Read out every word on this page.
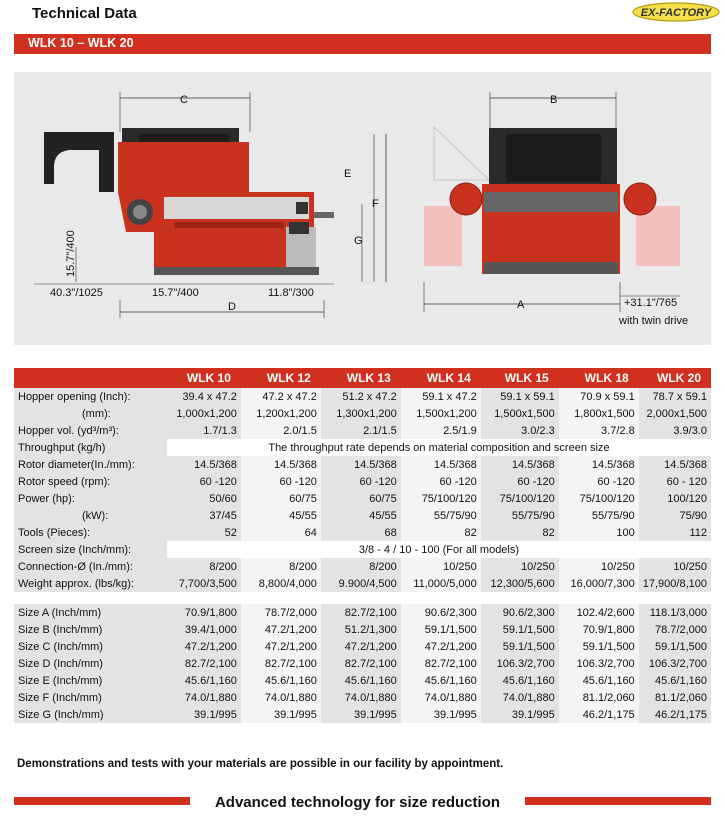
Technical Data	EX-FACTORY
WLK 10 – WLK 20
C
E
F
G
15.7"/400
40.3"/1025	15.7"/400	11.8"/300
D
B
A	+31.1"/765
with twin drive
	WLK 10	WLK 12	WLK 13	WLK 14	WLK 15	WLK 18	WLK 20
Hopper opening (Inch):	39.4 x 47.2	47.2 x 47.2	51.2 x 47.2	59.1 x 47.2	59.1 x 59.1	70.9 x 59.1	78.7 x 59.1
(mm):	1,000x1,200	1,200x1,200	1,300x1,200	1,500x1,200	1,500x1,500	1,800x1,500	2,000x1,500
Hopper vol. (yd³/m³):	1.7/1.3	2.0/1.5	2.1/1.5	2.5/1.9	3.0/2.3	3.7/2.8	3.9/3.0
Throughput (kg/h)	The throughput rate depends on material composition and screen size						
Rotor diameter(In./mm):	14.5/368	14.5/368	14.5/368	14.5/368	14.5/368	14.5/368	14.5/368
Rotor speed (rpm):	60 -120	60 -120	60 -120	60 -120	60 -120	60 -120	60 - 120
Power (hp):	50/60	60/75	60/75	75/100/120	75/100/120	75/100/120	100/120
(kW):	37/45	45/55	45/55	55/75/90	55/75/90	55/75/90	75/90
Tools (Pieces):	52	64	68	82	82	100	112
Screen size (Inch/mm):	3/8 - 4 / 10 - 100 (For all models)						
Connection-Ø (In./mm):	8/200	8/200	8/200	10/250	10/250	10/250	10/250
Weight approx. (lbs/kg):	7,700/3,500	8,800/4,000	9.900/4,500	11,000/5,000	12,300/5,600	16,000/7,300	17,900/8,100

Size A (Inch/mm)	70.9/1,800	78.7/2,000	82.7/2,100	90.6/2,300	90.6/2,300	102.4/2,600	118.1/3,000
Size B (Inch/mm)	39.4/1,000	47.2/1,200	51.2/1,300	59.1/1,500	59.1/1,500	70.9/1,800	78.7/2,000
Size C (Inch/mm)	47.2/1,200	47.2/1,200	47.2/1,200	47.2/1,200	59.1/1,500	59.1/1,500	59.1/1,500
Size D (Inch/mm)	82.7/2,100	82.7/2,100	82.7/2,100	82.7/2,100	106.3/2,700	106.3/2,700	106.3/2,700
Size E (Inch/mm)	45.6/1,160	45.6/1,160	45.6/1,160	45.6/1,160	45.6/1,160	45.6/1,160	45.6/1,160
Size F (Inch/mm)	74.0/1,880	74.0/1,880	74.0/1,880	74.0/1,880	74.0/1,880	81.1/2,060	81.1/2,060
Size G (Inch/mm)	39.1/995	39.1/995	39.1/995	39.1/995	39.1/995	46.2/1,175	46.2/1,175
Demonstrations and tests with your materials are possible in our facility by appointment.
Advanced technology for size reduction
